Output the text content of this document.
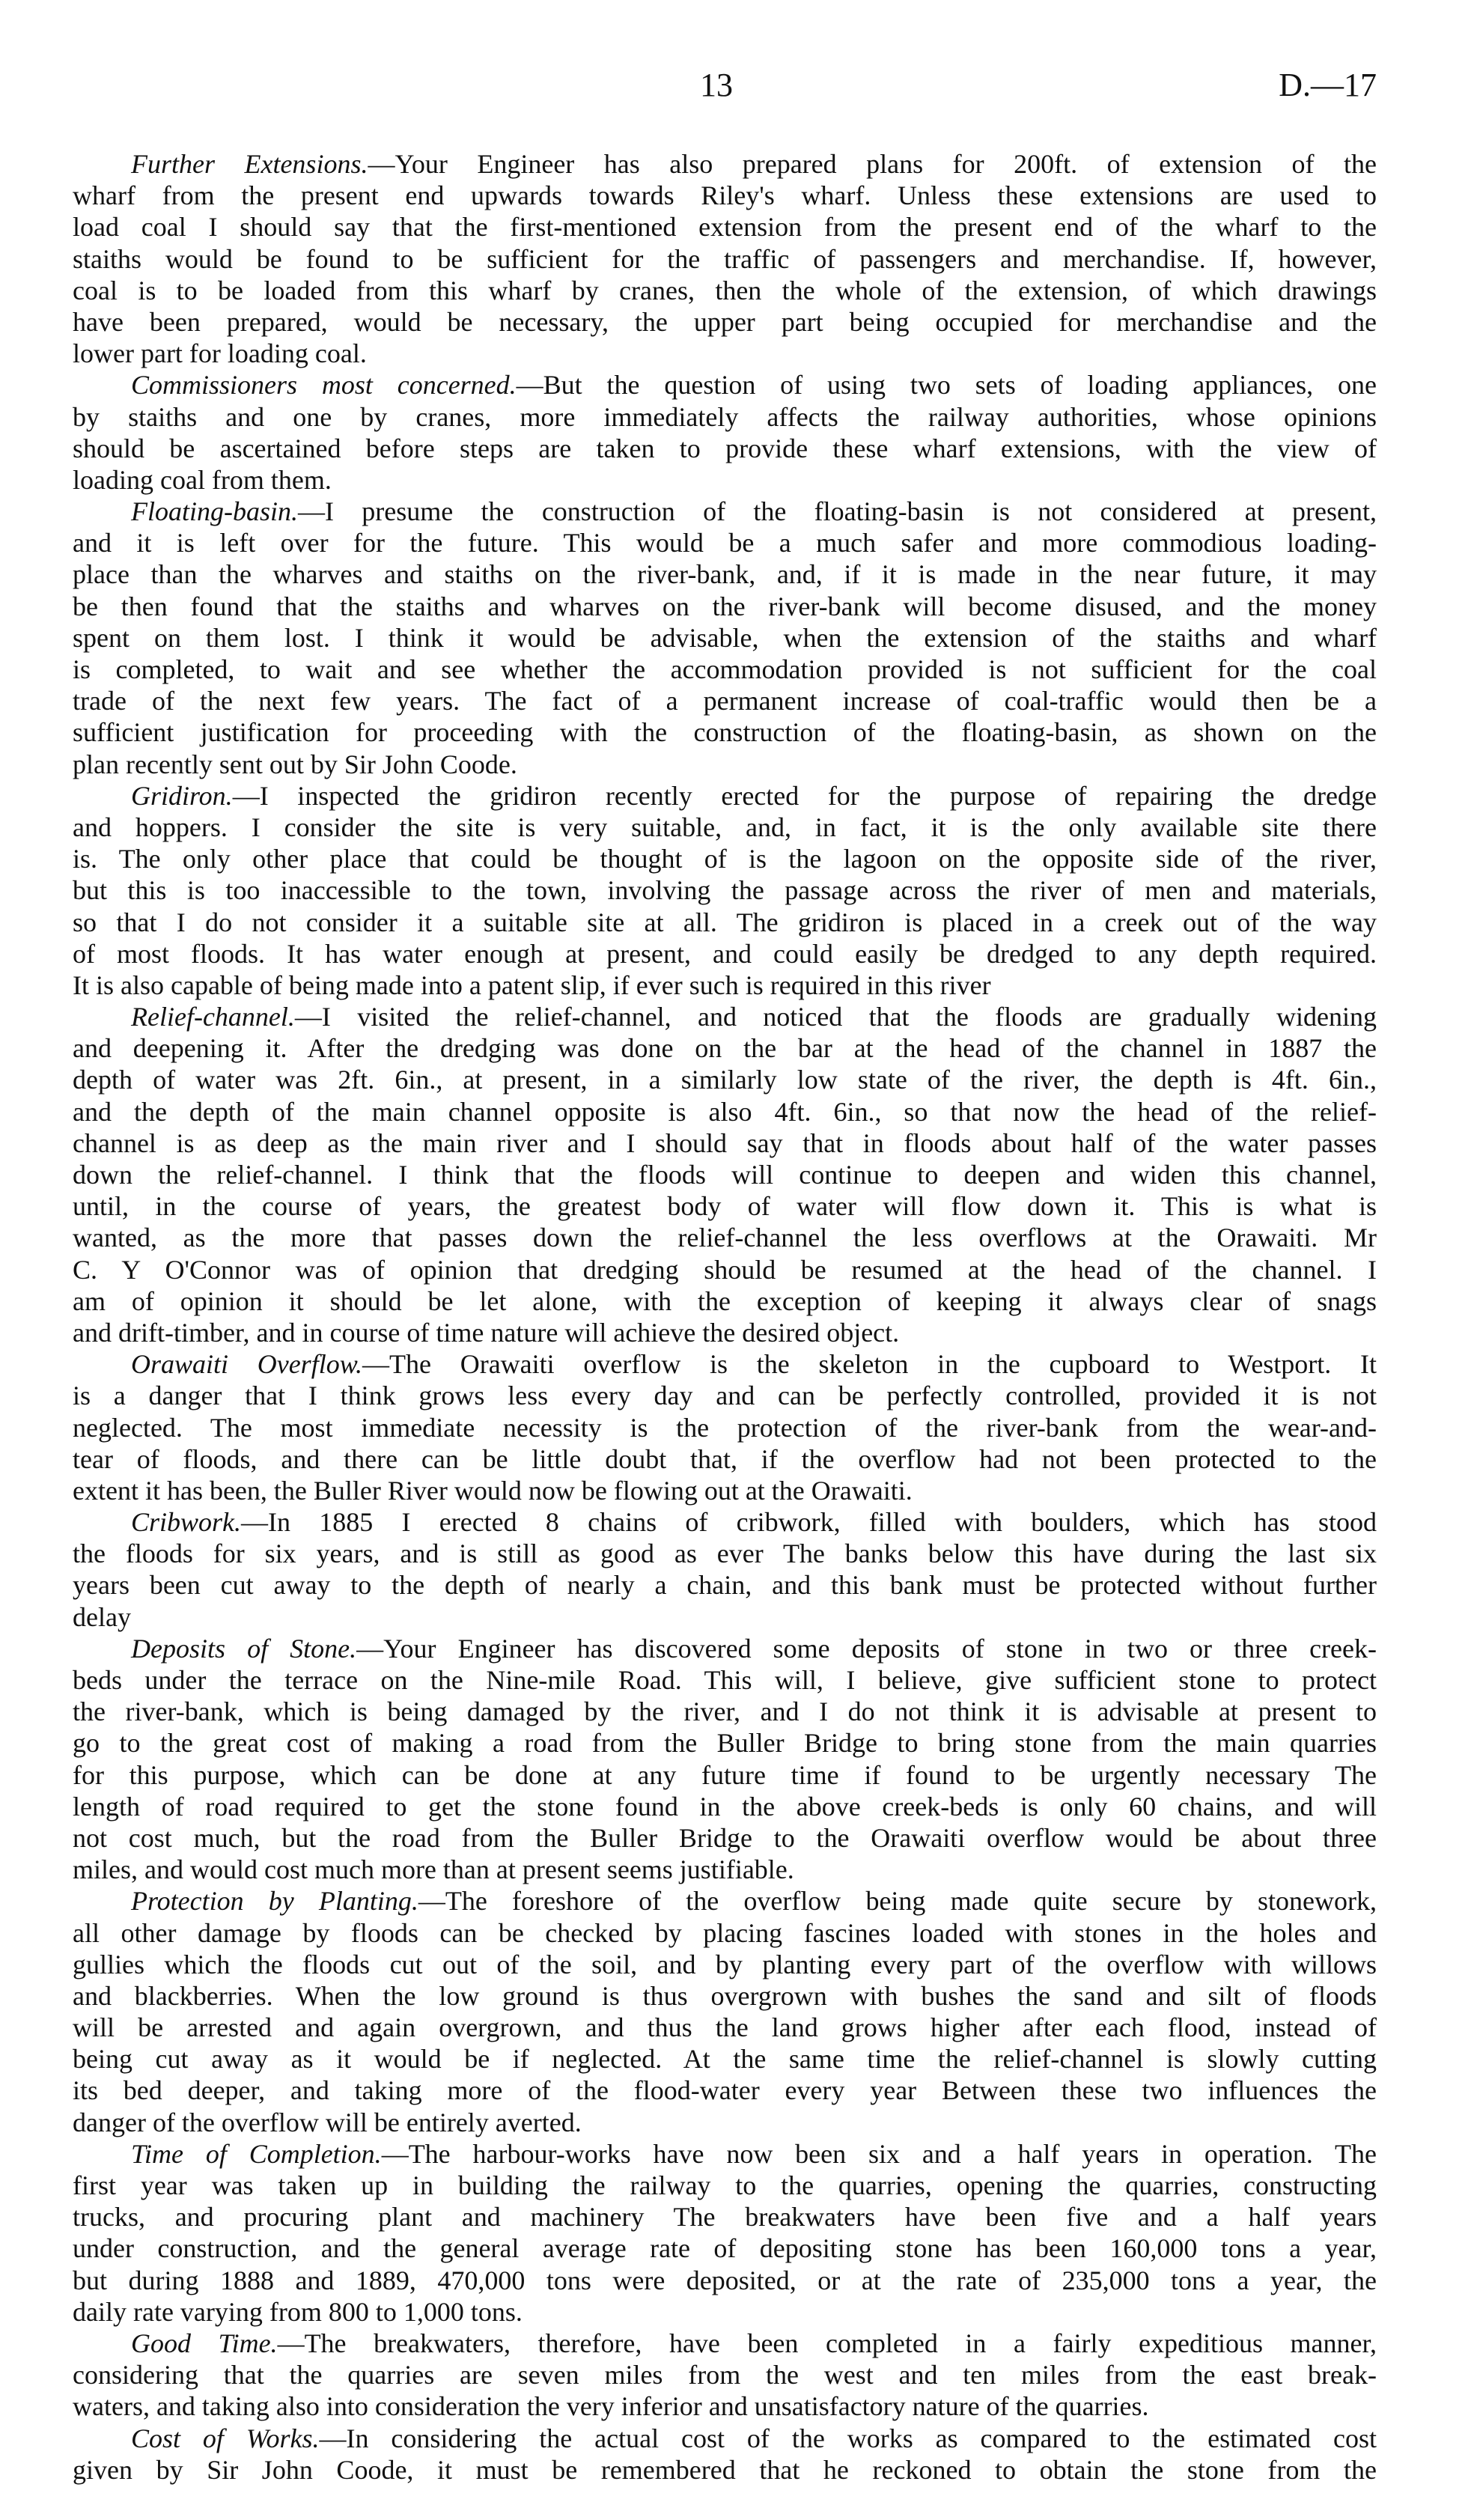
13	D.—17
Further Extensions.—Your Engineer has also prepared plans for 200ft. of extension of the
wharf from the present end upwards towards Riley's wharf. Unless these extensions are used to
load coal I should say that the first-mentioned extension from the present end of the wharf to the
staiths would be found to be sufficient for the traffic of passengers and merchandise. If, however,
coal is to be loaded from this wharf by cranes, then the whole of the extension, of which drawings
have been prepared, would be necessary, the upper part being occupied for merchandise and the
lower part for loading coal.
Commissioners most concerned.—But the question of using two sets of loading appliances, one
by staiths and one by cranes, more immediately affects the railway authorities, whose opinions
should be ascertained before steps are taken to provide these wharf extensions, with the view of
loading coal from them.
Floating-basin.—I presume the construction of the floating-basin is not considered at present,
and it is left over for the future. This would be a much safer and more commodious loading-
place than the wharves and staiths on the river-bank, and, if it is made in the near future, it may
be then found that the staiths and wharves on the river-bank will become disused, and the money
spent on them lost. I think it would be advisable, when the extension of the staiths and wharf
is completed, to wait and see whether the accommodation provided is not sufficient for the coal
trade of the next few years. The fact of a permanent increase of coal-traffic would then be a
sufficient justification for proceeding with the construction of the floating-basin, as shown on the
plan recently sent out by Sir John Coode.
Gridiron.—I inspected the gridiron recently erected for the purpose of repairing the dredge
and hoppers. I consider the site is very suitable, and, in fact, it is the only available site there
is. The only other place that could be thought of is the lagoon on the opposite side of the river,
but this is too inaccessible to the town, involving the passage across the river of men and materials,
so that I do not consider it a suitable site at all. The gridiron is placed in a creek out of the way
of most floods. It has water enough at present, and could easily be dredged to any depth required.
It is also capable of being made into a patent slip, if ever such is required in this river
Relief-channel.—I visited the relief-channel, and noticed that the floods are gradually widening
and deepening it. After the dredging was done on the bar at the head of the channel in 1887 the
depth of water was 2ft. 6in., at present, in a similarly low state of the river, the depth is 4ft. 6in.,
and the depth of the main channel opposite is also 4ft. 6in., so that now the head of the relief-
channel is as deep as the main river and I should say that in floods about half of the water passes
down the relief-channel. I think that the floods will continue to deepen and widen this channel,
until, in the course of years, the greatest body of water will flow down it. This is what is
wanted, as the more that passes down the relief-channel the less overflows at the Orawaiti. Mr
C. Y O'Connor was of opinion that dredging should be resumed at the head of the channel. I
am of opinion it should be let alone, with the exception of keeping it always clear of snags
and drift-timber, and in course of time nature will achieve the desired object.
Orawaiti Overflow.—The Orawaiti overflow is the skeleton in the cupboard to Westport. It
is a danger that I think grows less every day and can be perfectly controlled, provided it is not
neglected. The most immediate necessity is the protection of the river-bank from the wear-and-
tear of floods, and there can be little doubt that, if the overflow had not been protected to the
extent it has been, the Buller River would now be flowing out at the Orawaiti.
Cribwork.—In 1885 I erected 8 chains of cribwork, filled with boulders, which has stood
the floods for six years, and is still as good as ever The banks below this have during the last six
years been cut away to the depth of nearly a chain, and this bank must be protected without further
delay
Deposits of Stone.—Your Engineer has discovered some deposits of stone in two or three creek-
beds under the terrace on the Nine-mile Road. This will, I believe, give sufficient stone to protect
the river-bank, which is being damaged by the river, and I do not think it is advisable at present to
go to the great cost of making a road from the Buller Bridge to bring stone from the main quarries
for this purpose, which can be done at any future time if found to be urgently necessary The
length of road required to get the stone found in the above creek-beds is only 60 chains, and will
not cost much, but the road from the Buller Bridge to the Orawaiti overflow would be about three
miles, and would cost much more than at present seems justifiable.
Protection by Planting.—The foreshore of the overflow being made quite secure by stonework,
all other damage by floods can be checked by placing fascines loaded with stones in the holes and
gullies which the floods cut out of the soil, and by planting every part of the overflow with willows
and blackberries. When the low ground is thus overgrown with bushes the sand and silt of floods
will be arrested and again overgrown, and thus the land grows higher after each flood, instead of
being cut away as it would be if neglected. At the same time the relief-channel is slowly cutting
its bed deeper, and taking more of the flood-water every year Between these two influences the
danger of the overflow will be entirely averted.
Time of Completion.—The harbour-works have now been six and a half years in operation. The
first year was taken up in building the railway to the quarries, opening the quarries, constructing
trucks, and procuring plant and machinery The breakwaters have been five and a half years
under construction, and the general average rate of depositing stone has been 160,000 tons a year,
but during 1888 and 1889, 470,000 tons were deposited, or at the rate of 235,000 tons a year, the
daily rate varying from 800 to 1,000 tons.
Good Time.—The breakwaters, therefore, have been completed in a fairly expeditious manner,
considering that the quarries are seven miles from the west and ten miles from the east break-
waters, and taking also into consideration the very inferior and unsatisfactory nature of the quarries.
Cost of Works.—In considering the actual cost of the works as compared to the estimated cost
given by Sir John Coode, it must be remembered that he reckoned to obtain the stone from the
